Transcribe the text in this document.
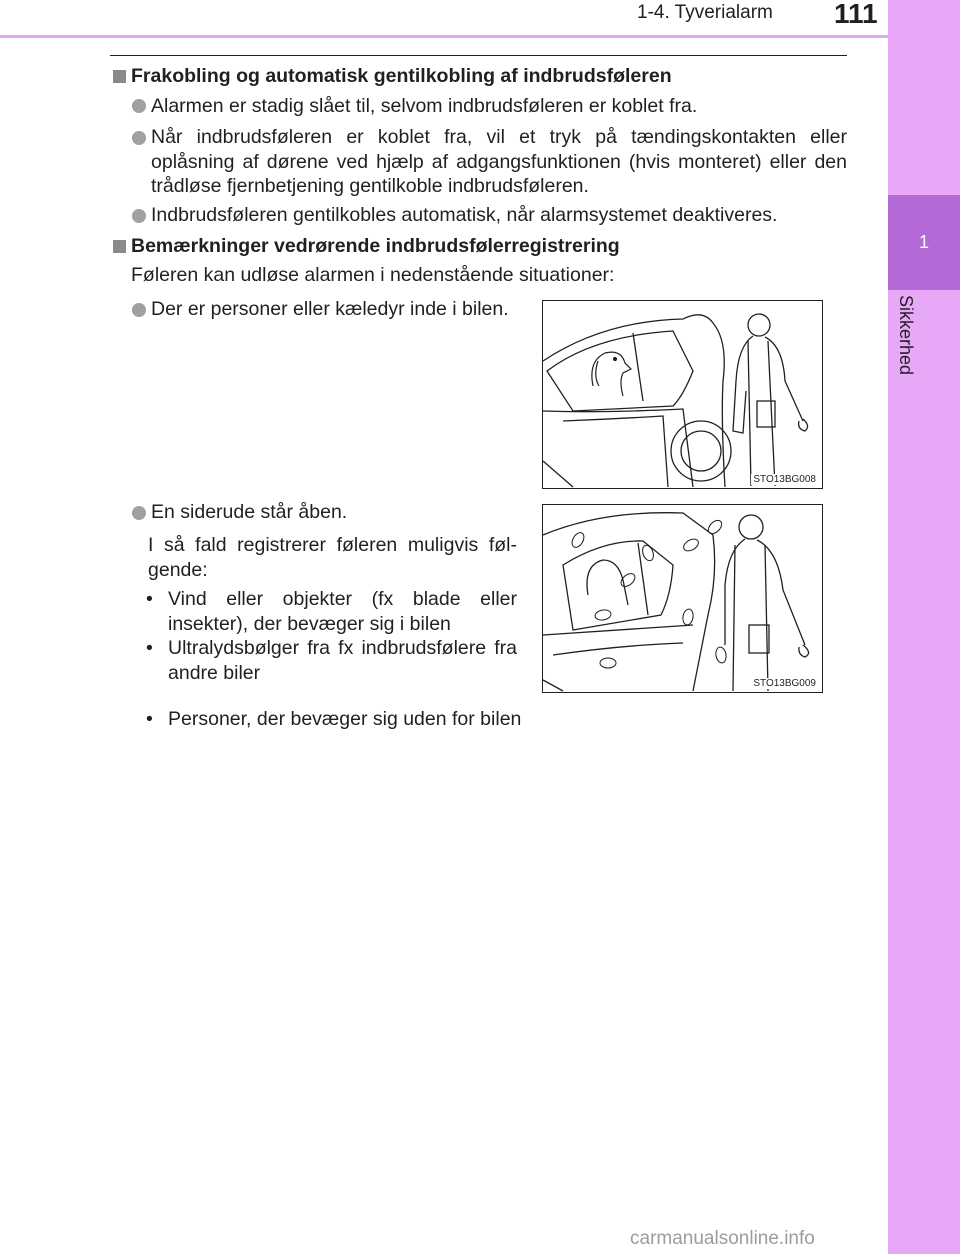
1
Sikkerhed
1-4. Tyverialarm 111
Frakobling og automatisk gentilkobling af indbrudsføleren
Alarmen er stadig slået til, selvom indbrudsføleren er koblet fra.
Når indbrudsføleren er koblet fra, vil et tryk på tændingskontakten eller oplåsning af dørene ved hjælp af adgangsfunktionen (hvis monteret) eller den trådløse fjernbetjening gentilkoble indbrudsføleren.
Indbrudsføleren gentilkobles automatisk, når alarmsystemet deaktiveres.
Bemærkninger vedrørende indbrudsfølerregistrering
Føleren kan udløse alarmen i nedenstående situationer:
Der er personer eller kæledyr inde i bilen.
En siderude står åben.
I så fald registrerer føleren muligvis føl-gende:
• Vind eller objekter (fx blade eller insekter), der bevæger sig i bilen
• Ultralydsbølger fra fx indbrudsfølere fra andre biler
• Personer, der bevæger sig uden for bilen
STO13BG008
STO13BG009
carmanualsonline.info
